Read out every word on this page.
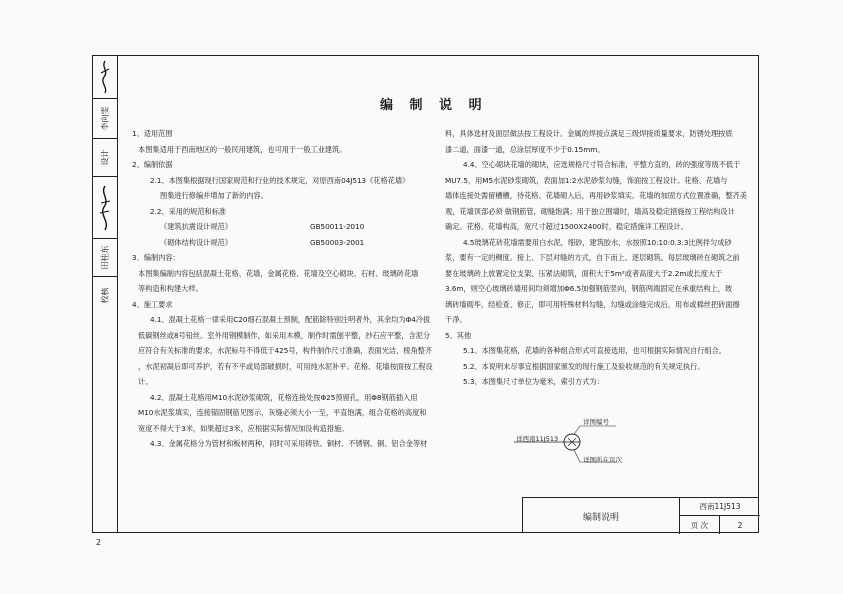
李向雯
设计
田桂东
校核
编 制 说 明

1、适用范围

本图集适用于西南地区的一般民用建筑，也可用于一般工业建筑。

2、编制依据

2.1、本图集根据现行国家规范和行业的技术规定，对原西南04J513《花格花墙》

图集进行修编并增加了新的内容。

2.2、采用的规范和标准

《建筑抗震设计规范》	GB50011-2010

《砌体结构设计规范》	GB50003-2001

3、编制内容：

本图集编制内容包括混凝土花格、花墙，金属花格、花墙及空心砌块、石材、玻璃砖花墙

等构造和构建大样。

4、施工要求

4.1、混凝土花格一律采用C20细石混凝土预制，配筋除特别注明者外，其余均为Φ4冷拔

低碳钢丝或8号铅丝。室外用钢模制作，如采用木模，制作时需刨平整，抄石应平整，含泥分

应符合有关标准的要求，水泥标号不得低于425号，构件制作尺寸准确，表面光洁，棱角整齐

，水泥初凝后即可养护，若有不平或局部破损时，可用纯水泥补平。花格、花墙按面按工程设

计。

4.2、混凝土花格用M10水泥砂浆砌筑，花格连接处按Φ25预留孔，用Φ8钢筋插入用

M10水泥浆填实，连接锚固钢筋见图示，灰缝必须大小一至，平直饱满，组合花格的高度和

宽度不得大于3米，如果超过3米，应根据实际情况加设构造措施。

4.3、金属花格分为管材和板材两种，同时可采用铸铁、铜材、不锈钢、铜、铝合金等材

料，具体选材及面层做法按工程设计。金属的焊接点满足三级焊接质量要求，防锈处理按底

漆二道，面漆一道，总涂层厚度不少于0.15mm。

4.4、空心砌块花墙的砌块，应选规格尺寸符合标准，平整方直的，砖的强度等级不低于

MU7.5，用M5水泥砂浆砌筑，表面加1:2水泥砂浆勾缝，饰面按工程设计。花格、花墙与

墙体连接处需留槽槽，待花格、花墙砌入后，再用砂浆填实。花墙的加固方式位置准确，整齐美

观，花墙顶部必须 做钢筋管，砌缝饱满；用于独立围墙时，墙高及稳定措施按工程结构设计

确定。花格、花墙构高，宽尺寸超过1500X2400时，稳定措施详工程设计。

4.5玻璃花砖花墙需要用白水泥，细砂，建筑胶水，水按照10:10:0.3:3比例拌匀成砂

浆，要有一定的稠度。接上、下层对缝的方式，自下而上、逐层砌筑。每层玻璃砖在砌筑之前

要在玻璃砖上放置定位支架、压紧法砌筑，面积大于5m²或者高度大于2.2m或长度大于

3.6m，则空心玻璃砖墙用间均须增加Φ6.5加强钢筋竖向，钢筋两端固定在承重结构上，玻

璃砖墙砌毕，经检查、修正，即可用特殊材料勾缝，勾缝或涂缝完成后，用布或棉丝把砖面擦

干净。

5、其他

5.1、本图集花格，花墙的各种组合形式可直接选用，也可根据实际情况自行组合。

5.2、本说明未尽事宜根据国家颁发的现行施工及验收规范的有关规定执行。

5.3、本图集尺寸单位为毫米，索引方式为：

详图编号
详西南11J513
详图所在页次
编制说明
西南11J513
页 次	2
2
